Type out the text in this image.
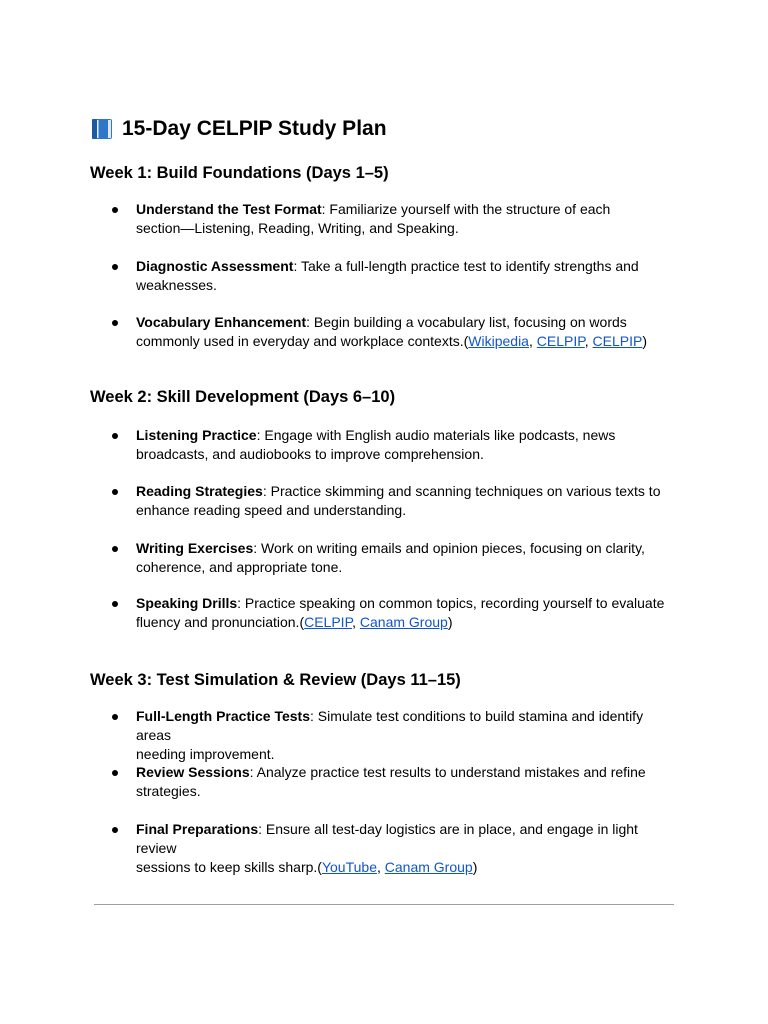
15-Day CELPIP Study Plan
Week 1: Build Foundations (Days 1–5)
Understand the Test Format: Familiarize yourself with the structure of each
section—Listening, Reading, Writing, and Speaking.
Diagnostic Assessment: Take a full-length practice test to identify strengths and
weaknesses.
Vocabulary Enhancement: Begin building a vocabulary list, focusing on words
commonly used in everyday and workplace contexts.(Wikipedia, CELPIP, CELPIP)
Week 2: Skill Development (Days 6–10)
Listening Practice: Engage with English audio materials like podcasts, news
broadcasts, and audiobooks to improve comprehension.
Reading Strategies: Practice skimming and scanning techniques on various texts to
enhance reading speed and understanding.
Writing Exercises: Work on writing emails and opinion pieces, focusing on clarity,
coherence, and appropriate tone.
Speaking Drills: Practice speaking on common topics, recording yourself to evaluate
fluency and pronunciation.(CELPIP, Canam Group)
Week 3: Test Simulation & Review (Days 11–15)
Full-Length Practice Tests: Simulate test conditions to build stamina and identify areas
needing improvement.
Review Sessions: Analyze practice test results to understand mistakes and refine
strategies.
Final Preparations: Ensure all test-day logistics are in place, and engage in light review
sessions to keep skills sharp.(YouTube, Canam Group)
